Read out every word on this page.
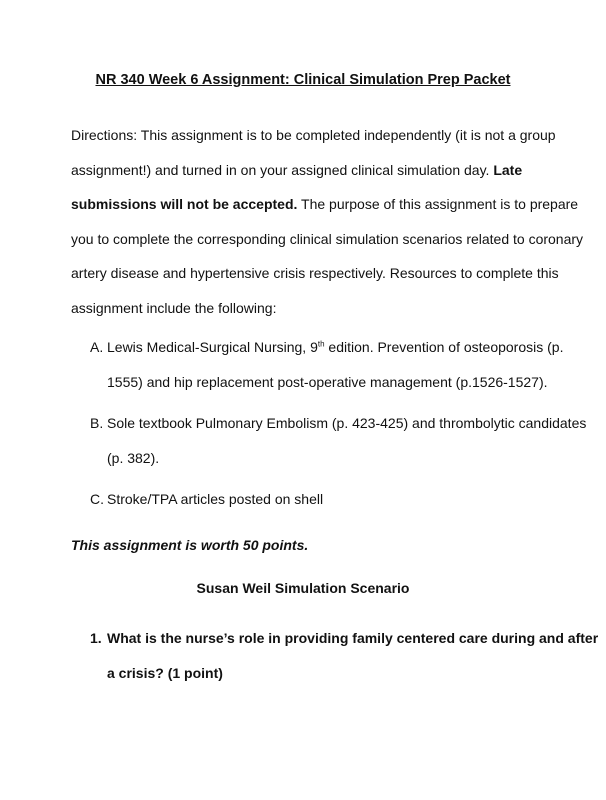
NR 340 Week 6 Assignment: Clinical Simulation Prep Packet
Directions: This assignment is to be completed independently (it is not a group
assignment!) and turned in on your assigned clinical simulation day. Late
submissions will not be accepted. The purpose of this assignment is to prepare
you to complete the corresponding clinical simulation scenarios related to coronary
artery disease and hypertensive crisis respectively. Resources to complete this
assignment include the following:
A. Lewis Medical-Surgical Nursing, 9th edition. Prevention of osteoporosis (p.
1555) and hip replacement post-operative management (p.1526-1527).
B. Sole textbook Pulmonary Embolism (p. 423-425) and thrombolytic candidates
(p. 382).
C. Stroke/TPA articles posted on shell
This assignment is worth 50 points.
Susan Weil Simulation Scenario
1. What is the nurse’s role in providing family centered care during and after
a crisis? (1 point)
